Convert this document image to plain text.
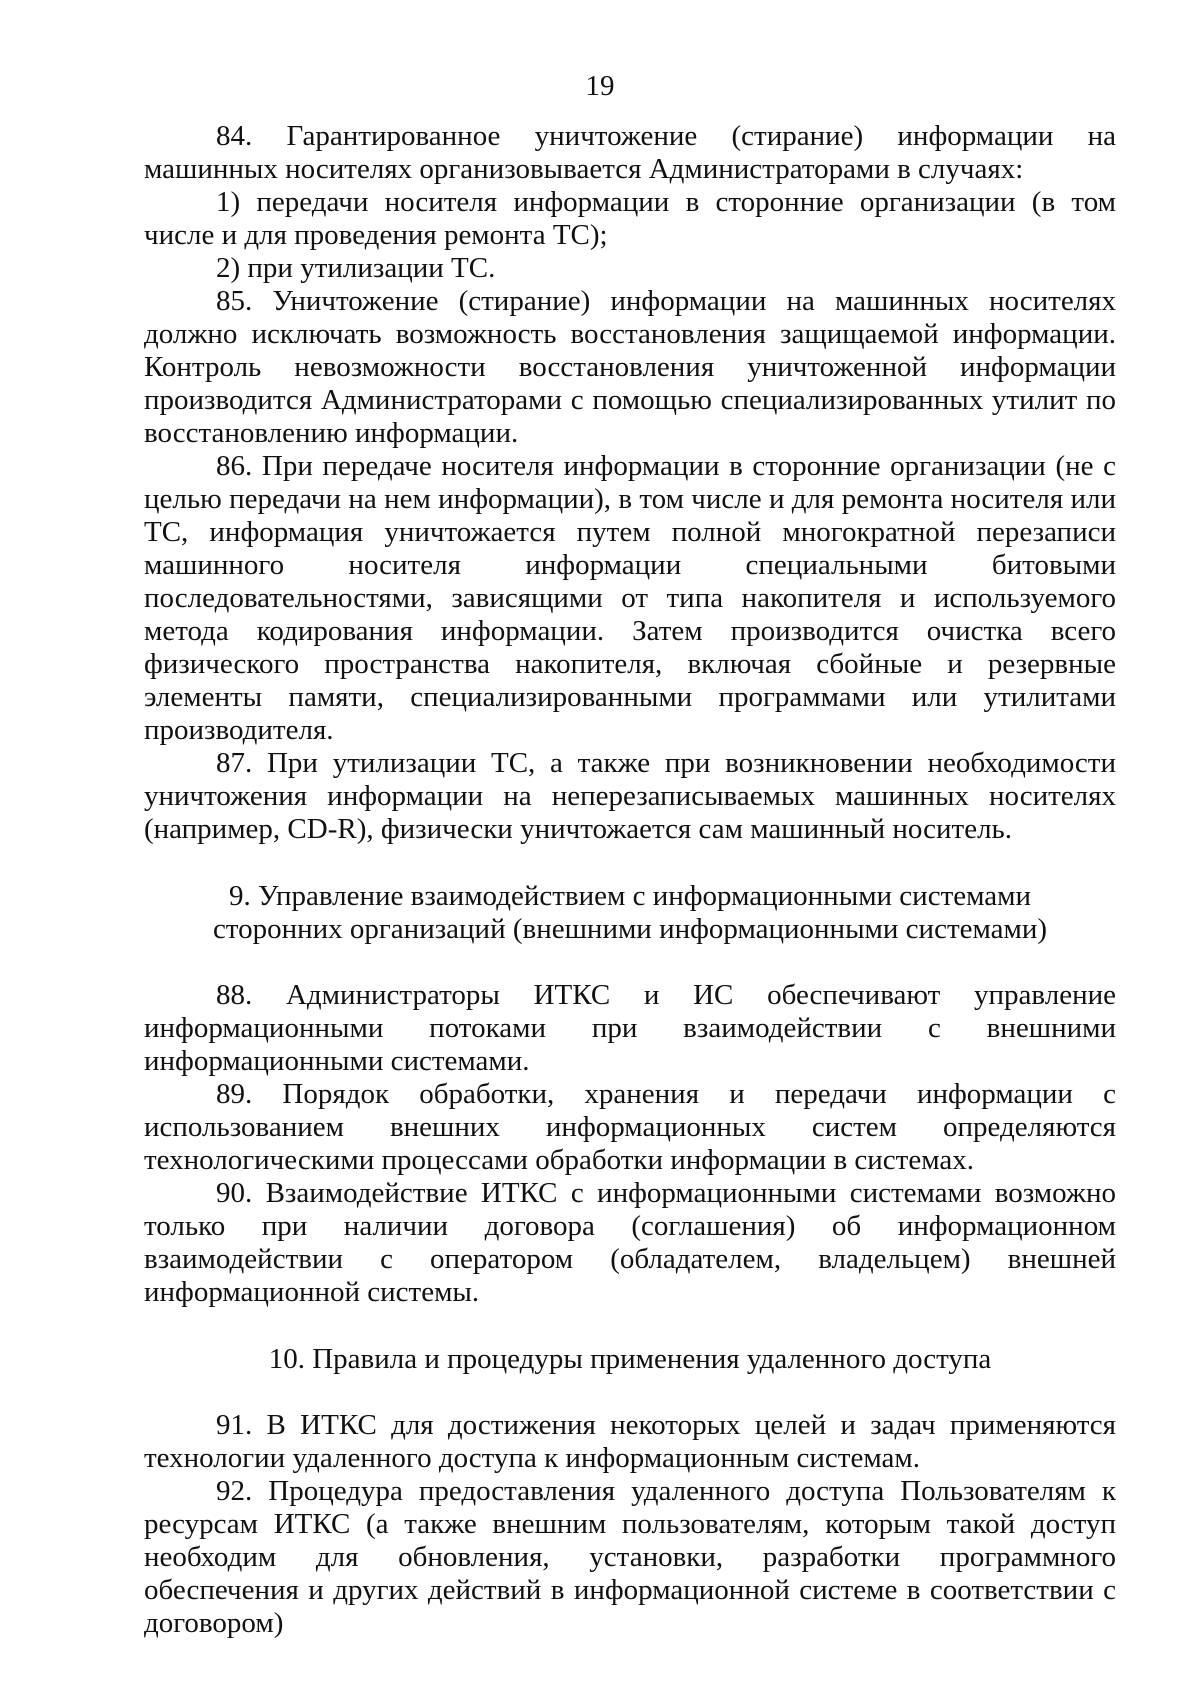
19

84. Гарантированное уничтожение (стирание) информации на машинных носителях организовывается Администраторами в случаях:

1) передачи носителя информации в сторонние организации (в том числе и для проведения ремонта ТС);

2) при утилизации ТС.

85. Уничтожение (стирание) информации на машинных носителях должно исключать возможность восстановления защищаемой информации. Контроль невозможности восстановления уничтоженной информации производится Администраторами с помощью специализированных утилит по восстановлению информации.

86. При передаче носителя информации в сторонние организации (не с целью передачи на нем информации), в том числе и для ремонта носителя или ТС, информация уничтожается путем полной многократной перезаписи машинного носителя информации специальными битовыми последовательностями, зависящими от типа накопителя и используемого метода кодирования информации. Затем производится очистка всего физического пространства накопителя, включая сбойные и резервные элементы памяти, специализированными программами или утилитами производителя.

87. При утилизации ТС, а также при возникновении необходимости уничтожения информации на неперезаписываемых машинных носителях (например, CD-R), физически уничтожается сам машинный носитель.

9. Управление взаимодействием с информационными системами
сторонних организаций (внешними информационными системами)

88. Администраторы ИТКС и ИС обеспечивают управление информационными потоками при взаимодействии с внешними информационными системами.

89. Порядок обработки, хранения и передачи информации с использованием внешних информационных систем определяются технологическими процессами обработки информации в системах.

90. Взаимодействие ИТКС с информационными системами возможно только при наличии договора (соглашения) об информационном взаимодействии с оператором (обладателем, владельцем) внешней информационной системы.

10. Правила и процедуры применения удаленного доступа

91. В ИТКС для достижения некоторых целей и задач применяются технологии удаленного доступа к информационным системам.

92. Процедура предоставления удаленного доступа Пользователям к ресурсам ИТКС (а также внешним пользователям, которым такой доступ необходим для обновления, установки, разработки программного обеспечения и других действий в информационной системе в соответствии с договором)
